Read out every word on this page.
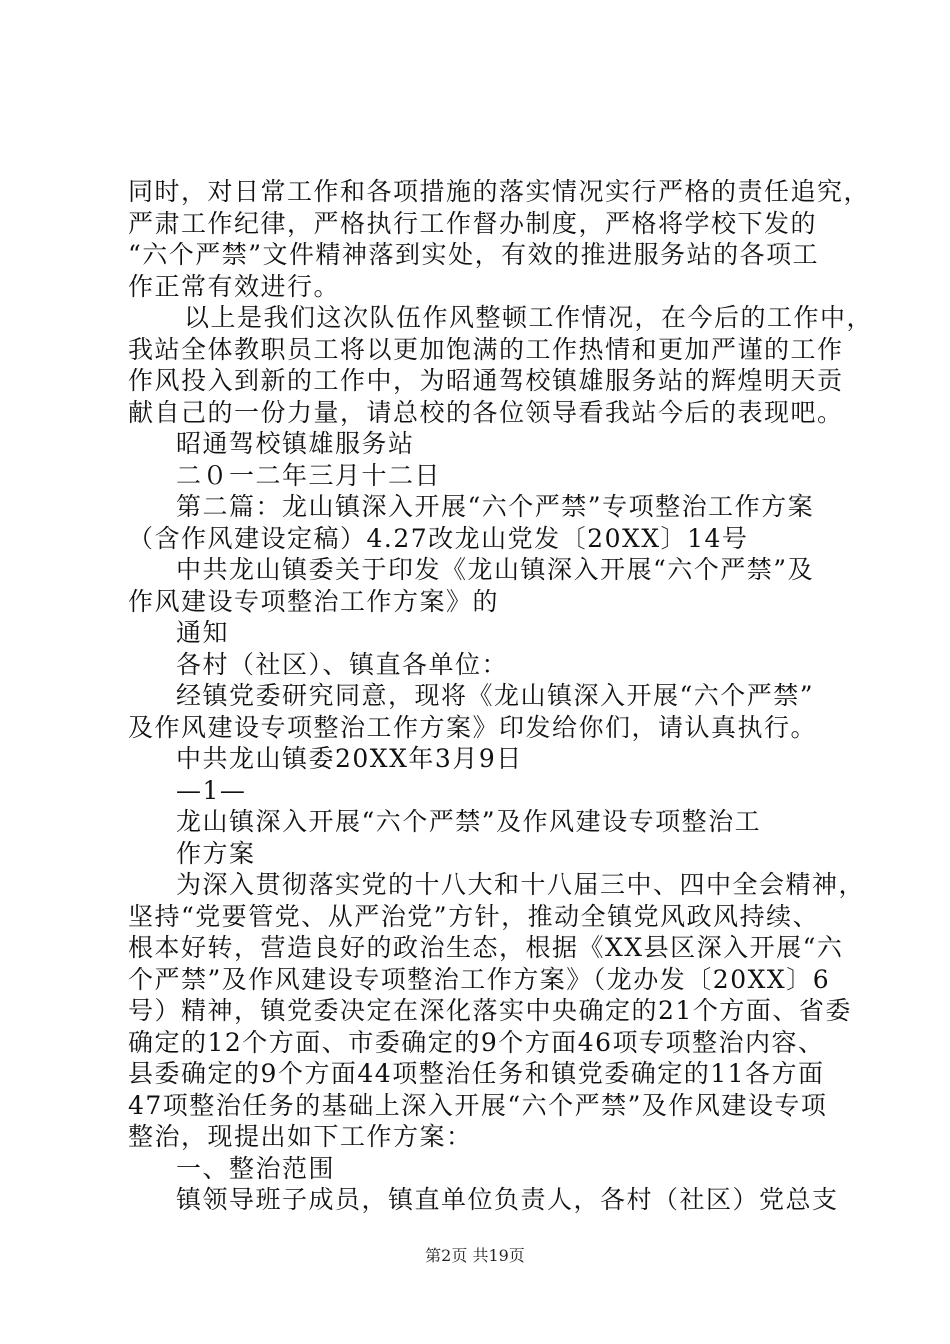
同时，对日常工作和各项措施的落实情况实行严格的责任追究，
严肃工作纪律，严格执行工作督办制度，严格将学校下发的
“六个严禁”文件精神落到实处，有效的推进服务站的各项工
作正常有效进行。
以上是我们这次队伍作风整顿工作情况，在今后的工作中，
我站全体教职员工将以更加饱满的工作热情和更加严谨的工作
作风投入到新的工作中，为昭通驾校镇雄服务站的辉煌明天贡
献自己的一份力量，请总校的各位领导看我站今后的表现吧。
昭通驾校镇雄服务站
二０一二年三月十二日
第二篇：龙山镇深入开展“六个严禁”专项整治工作方案
（含作风建设定稿）4.27改龙山党发〔20XX〕14号
中共龙山镇委关于印发《龙山镇深入开展“六个严禁”及
作风建设专项整治工作方案》的
通知
各村（社区）、镇直各单位：
经镇党委研究同意，现将《龙山镇深入开展“六个严禁”
及作风建设专项整治工作方案》印发给你们，请认真执行。
中共龙山镇委20XX年3月9日
—1—
龙山镇深入开展“六个严禁”及作风建设专项整治工
作方案
为深入贯彻落实党的十八大和十八届三中、四中全会精神，
坚持“党要管党、从严治党”方针，推动全镇党风政风持续、
根本好转，营造良好的政治生态，根据《XX县区深入开展“六
个严禁”及作风建设专项整治工作方案》（龙办发〔20XX〕6
号）精神，镇党委决定在深化落实中央确定的21个方面、省委
确定的12个方面、市委确定的9个方面46项专项整治内容、
县委确定的9个方面44项整治任务和镇党委确定的11各方面
47项整治任务的基础上深入开展“六个严禁”及作风建设专项
整治，现提出如下工作方案：
一、整治范围
镇领导班子成员，镇直单位负责人，各村（社区）党总支
第2页 共19页
